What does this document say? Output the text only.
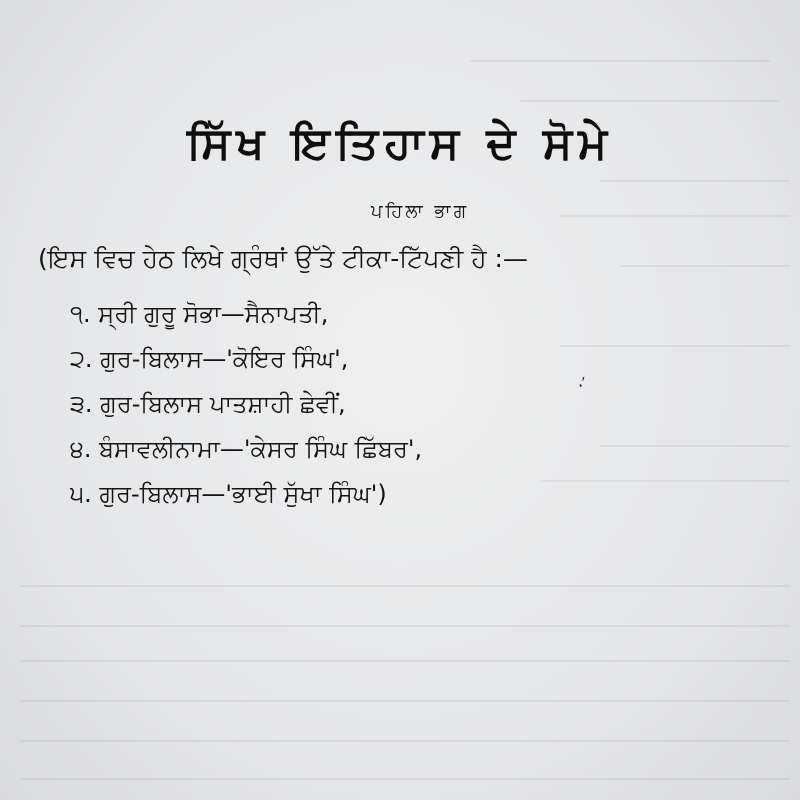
ਸਿੱਖ ਇਤਿਹਾਸ ਦੇ ਸੋਮੇ
ਪਹਿਲਾ ਭਾਗ
(ਇਸ ਵਿਚ ਹੇਠ ਲਿਖੇ ਗ੍ਰੰਥਾਂ ਉੱਤੇ ਟੀਕਾ-ਟਿੱਪਣੀ ਹੈ :—
੧. ਸ੍ਰੀ ਗੁਰੂ ਸੋਭਾ—ਸੈਨਾਪਤੀ,
੨. ਗੁਰ-ਬਿਲਾਸ—'ਕੋਇਰ ਸਿੰਘ',
੩. ਗੁਰ-ਬਿਲਾਸ ਪਾਤਸ਼ਾਹੀ ਛੇਵੀਂ,
੪. ਬੰਸਾਵਲੀਨਾਮਾ—'ਕੇਸਰ ਸਿੰਘ ਛਿੱਬਰ',
੫. ਗੁਰ-ਬਿਲਾਸ—'ਭਾਈ ਸੁੱਖਾ ਸਿੰਘ')
·′
